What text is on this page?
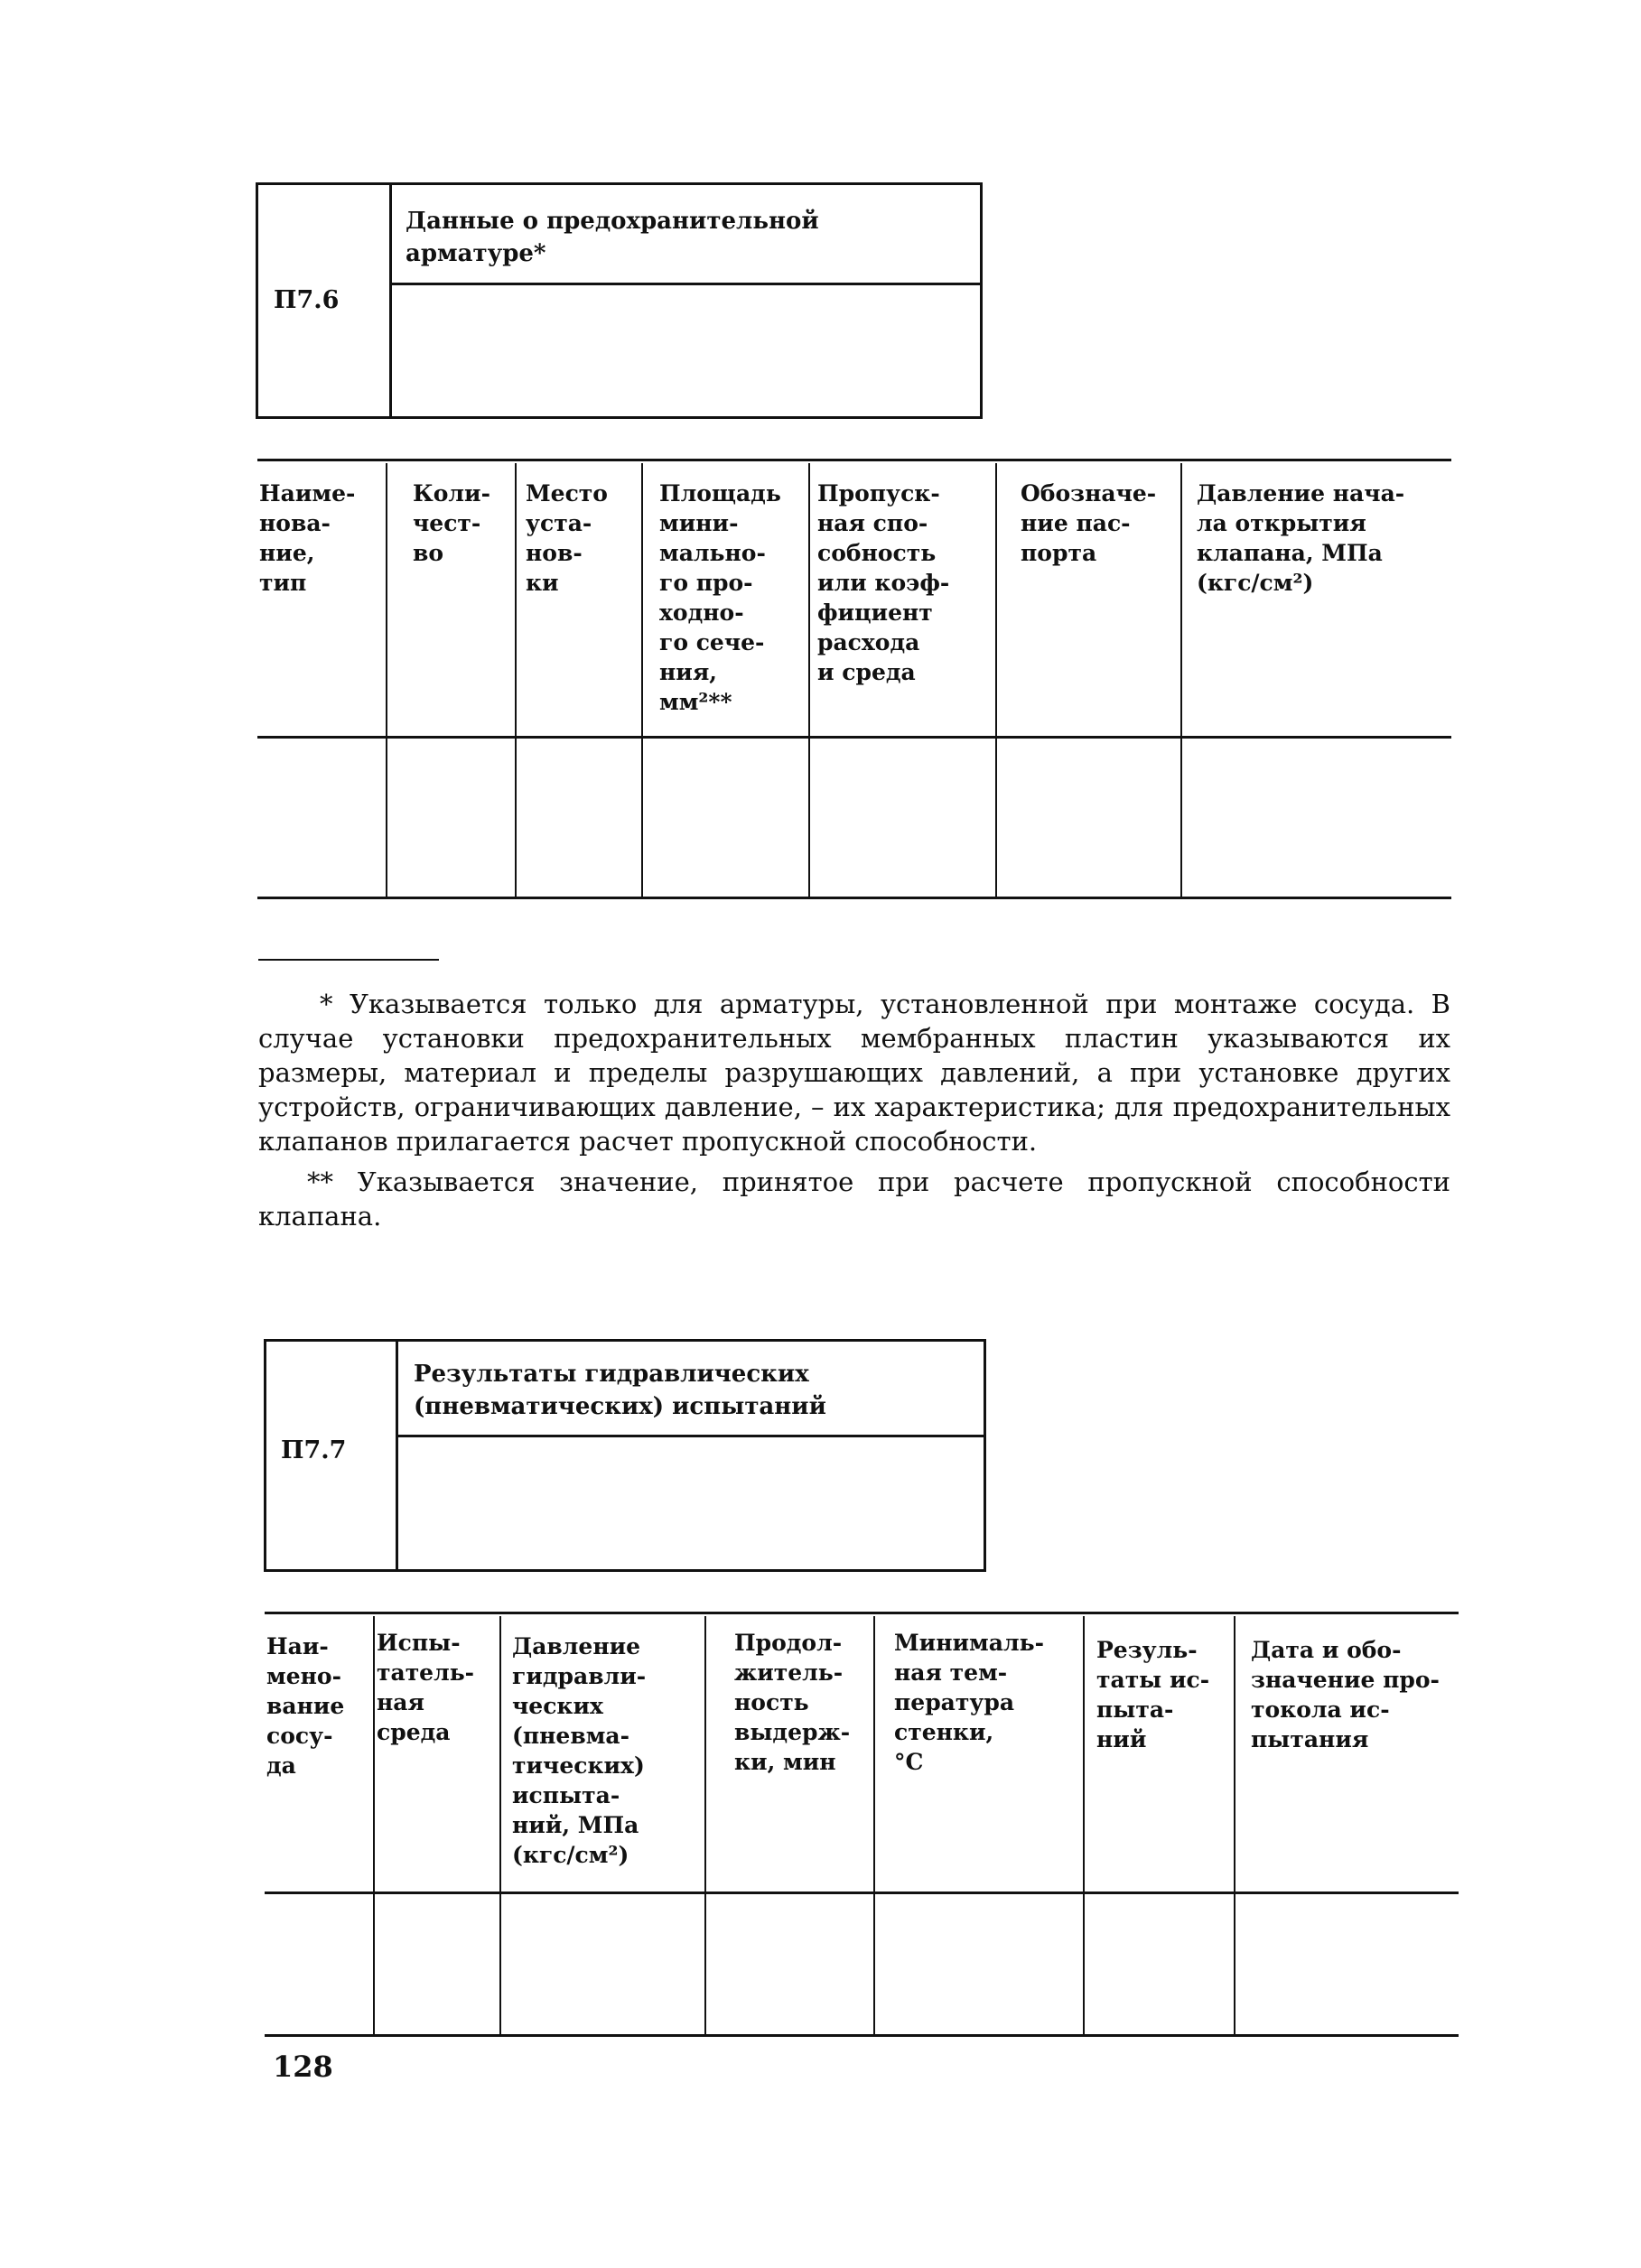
П7.6
Данные о предохранительной арматуре*
Наиме-
нова-
ние,
тип
Коли-
чест-
во
Место
уста-
нов-
ки
Площадь
мини-
мально-
го про-
ходно-
го сече-
ния,
мм²**
Пропуск-
ная спо-
собность
или коэф-
фициент
расхода
и среда
Обозначе-
ние пас-
порта
Давление нача-
ла открытия
клапана, МПа
(кгс/см²)
* Указывается только для арматуры, установленной при монтаже сосуда. В случае установки предохранительных мембранных пластин указываются их размеры, материал и пределы разрушающих давлений, а при установке других устройств, ограничивающих давление, – их характеристика; для предохранительных клапанов прилагается расчет пропускной способности.
** Указывается значение, принятое при расчете пропускной способности клапана.
П7.7
Результаты гидравлических (пневматических) испытаний
Наи-
мено-
вание
сосу-
да
Испы-
татель-
ная
среда
Давление
гидравли-
ческих
(пневма-
тических)
испыта-
ний, МПа
(кгс/см²)
Продол-
житель-
ность
выдерж-
ки, мин
Минималь-
ная тем-
пература
стенки,
°С
Резуль-
таты ис-
пыта-
ний
Дата и обо-
значение про-
токола ис-
пытания
128
